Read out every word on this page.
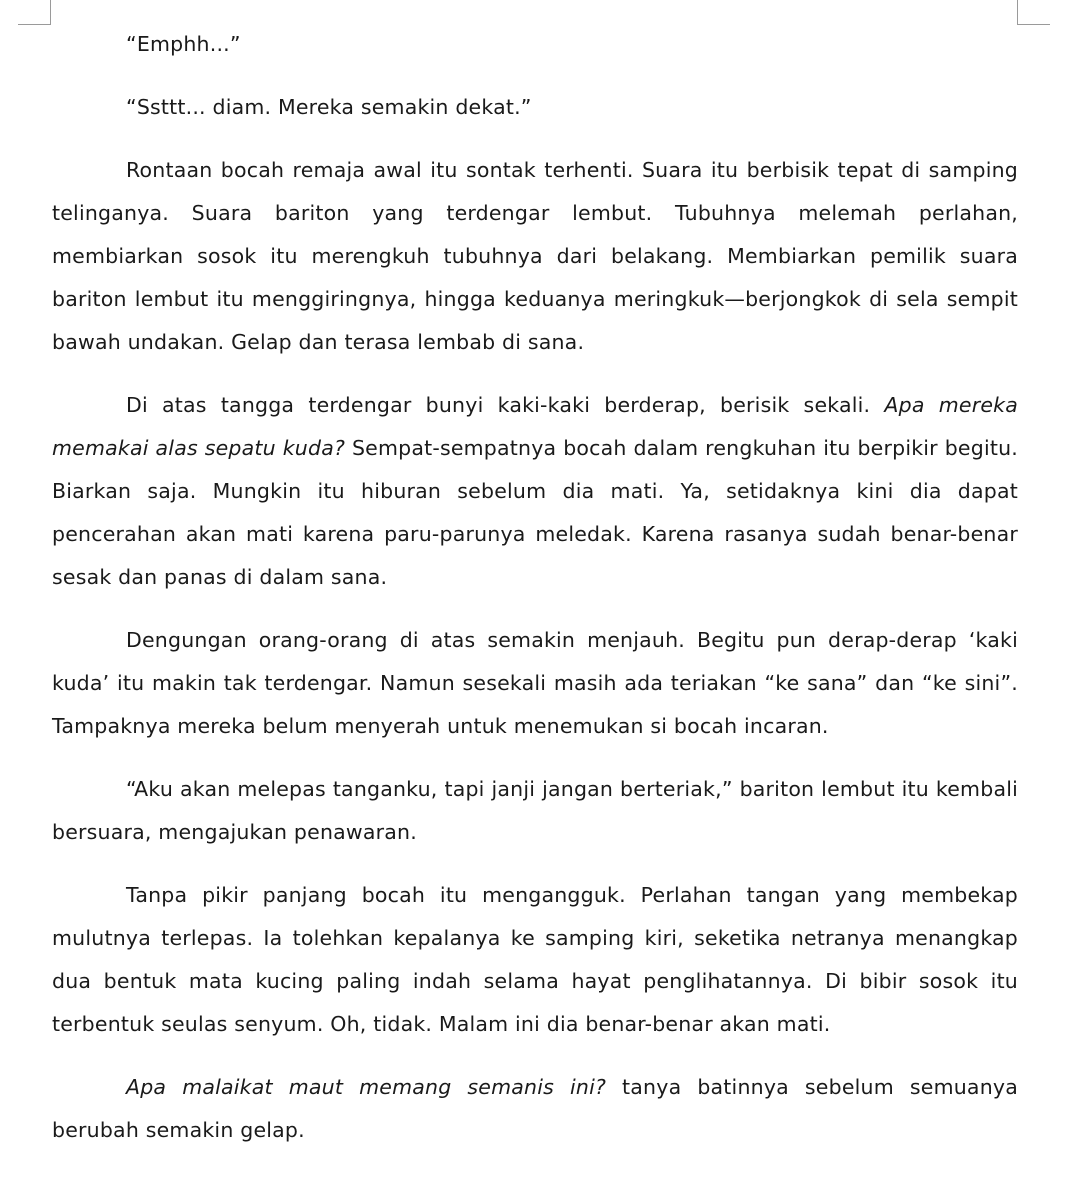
“Emphh...”

“Ssttt... diam. Mereka semakin dekat.”

Rontaan bocah remaja awal itu sontak terhenti. Suara itu berbisik tepat di samping telinganya. Suara bariton yang terdengar lembut. Tubuhnya melemah perlahan, membiarkan sosok itu merengkuh tubuhnya dari belakang. Membiarkan pemilik suara bariton lembut itu menggiringnya, hingga keduanya meringkuk—berjongkok di sela sempit bawah undakan. Gelap dan terasa lembab di sana.

Di atas tangga terdengar bunyi kaki-kaki berderap, berisik sekali. Apa mereka memakai alas sepatu kuda? Sempat-sempatnya bocah dalam rengkuhan itu berpikir begitu. Biarkan saja. Mungkin itu hiburan sebelum dia mati. Ya, setidaknya kini dia dapat pencerahan akan mati karena paru-parunya meledak. Karena rasanya sudah benar-benar sesak dan panas di dalam sana.

Dengungan orang-orang di atas semakin menjauh. Begitu pun derap-derap ‘kaki kuda’ itu makin tak terdengar. Namun sesekali masih ada teriakan “ke sana” dan “ke sini”. Tampaknya mereka belum menyerah untuk menemukan si bocah incaran.

“Aku akan melepas tanganku, tapi janji jangan berteriak,” bariton lembut itu kembali bersuara, mengajukan penawaran.

Tanpa pikir panjang bocah itu mengangguk. Perlahan tangan yang membekap mulutnya terlepas. Ia tolehkan kepalanya ke samping kiri, seketika netranya menangkap dua bentuk mata kucing paling indah selama hayat penglihatannya. Di bibir sosok itu terbentuk seulas senyum. Oh, tidak. Malam ini dia benar-benar akan mati.

Apa malaikat maut memang semanis ini? tanya batinnya sebelum semuanya berubah semakin gelap.
